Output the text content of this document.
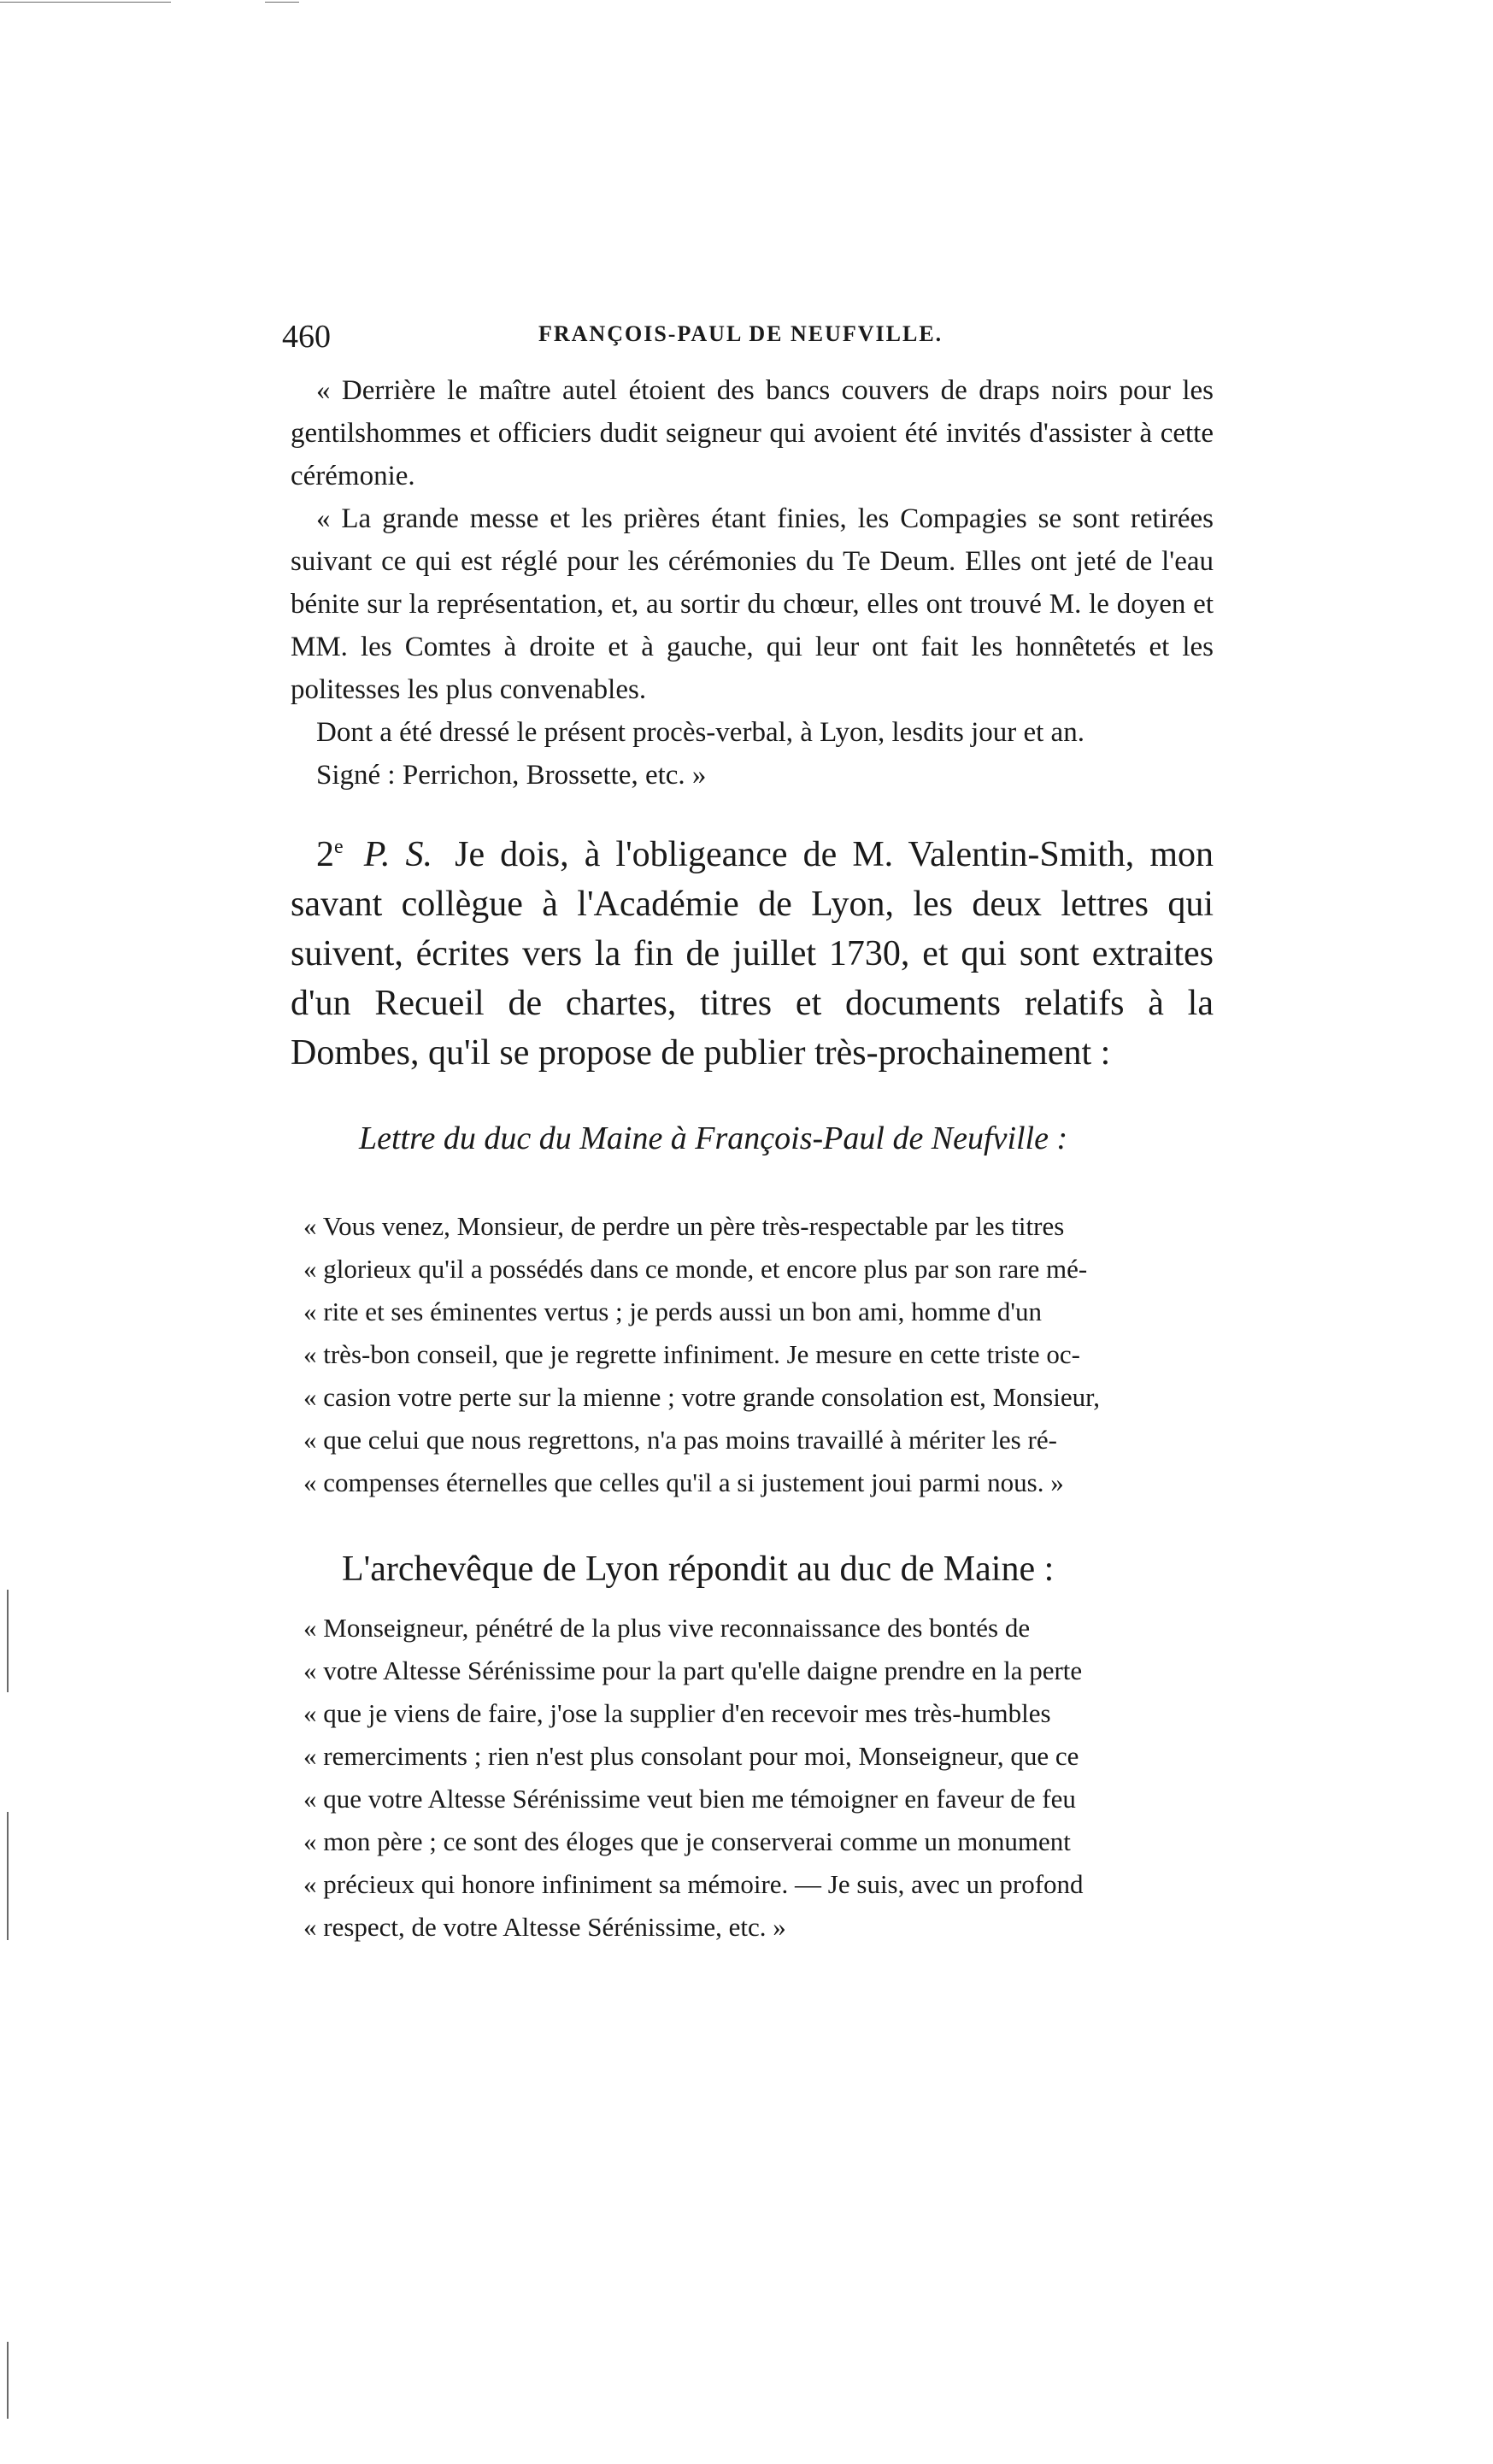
460	FRANÇOIS-PAUL DE NEUFVILLE.

« Derrière le maître autel étoient des bancs couvers de draps noirs pour les gentilshommes et officiers dudit seigneur qui avoient été invités d'assister à cette cérémonie.

« La grande messe et les prières étant finies, les Compagies se sont retirées suivant ce qui est réglé pour les cérémonies du Te Deum. Elles ont jeté de l'eau bénite sur la représentation, et, au sortir du chœur, elles ont trouvé M. le doyen et MM. les Comtes à droite et à gauche, qui leur ont fait les honnêtetés et les politesses les plus convenables.

Dont a été dressé le présent procès-verbal, à Lyon, lesdits jour et an.

Signé : Perrichon, Brossette, etc. »

2e P. S. Je dois, à l'obligeance de M. Valentin-Smith, mon savant collègue à l'Académie de Lyon, les deux lettres qui suivent, écrites vers la fin de juillet 1730, et qui sont extraites d'un Recueil de chartes, titres et documents relatifs à la Dombes, qu'il se propose de publier très-prochainement :

Lettre du duc du Maine à François-Paul de Neufville :

« Vous venez, Monsieur, de perdre un père très-respectable par les titres

« glorieux qu'il a possédés dans ce monde, et encore plus par son rare mé-

« rite et ses éminentes vertus ; je perds aussi un bon ami, homme d'un

« très-bon conseil, que je regrette infiniment. Je mesure en cette triste oc-

« casion votre perte sur la mienne ; votre grande consolation est, Monsieur,

« que celui que nous regrettons, n'a pas moins travaillé à mériter les ré-

« compenses éternelles que celles qu'il a si justement joui parmi nous. »

L'archevêque de Lyon répondit au duc de Maine :

« Monseigneur, pénétré de la plus vive reconnaissance des bontés de

« votre Altesse Sérénissime pour la part qu'elle daigne prendre en la perte

« que je viens de faire, j'ose la supplier d'en recevoir mes très-humbles

« remerciments ; rien n'est plus consolant pour moi, Monseigneur, que ce

« que votre Altesse Sérénissime veut bien me témoigner en faveur de feu

« mon père ; ce sont des éloges que je conserverai comme un monument

« précieux qui honore infiniment sa mémoire. — Je suis, avec un profond

« respect, de votre Altesse Sérénissime, etc. »
